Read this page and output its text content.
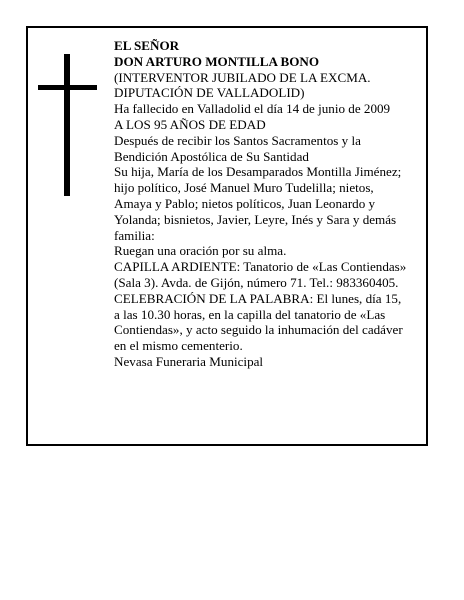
EL SEÑOR
DON ARTURO MONTILLA BONO
(INTERVENTOR JUBILADO DE LA EXCMA.
DIPUTACIÓN DE VALLADOLID)
Ha fallecido en Valladolid el día 14 de junio de 2009
A LOS 95 AÑOS DE EDAD
Después de recibir los Santos Sacramentos y la
Bendición Apostólica de Su Santidad
Su hija, María de los Desamparados Montilla Jiménez;
hijo político, José Manuel Muro Tudelilla; nietos,
Amaya y Pablo; nietos políticos, Juan Leonardo y
Yolanda; bisnietos, Javier, Leyre, Inés y Sara y demás
familia:
Ruegan una oración por su alma.
CAPILLA ARDIENTE: Tanatorio de «Las Contiendas»
(Sala 3). Avda. de Gijón, número 71. Tel.: 983360405.
CELEBRACIÓN DE LA PALABRA: El lunes, día 15,
a las 10.30 horas, en la capilla del tanatorio de «Las
Contiendas», y acto seguido la inhumación del cadáver
en el mismo cementerio.
Nevasa Funeraria Municipal
